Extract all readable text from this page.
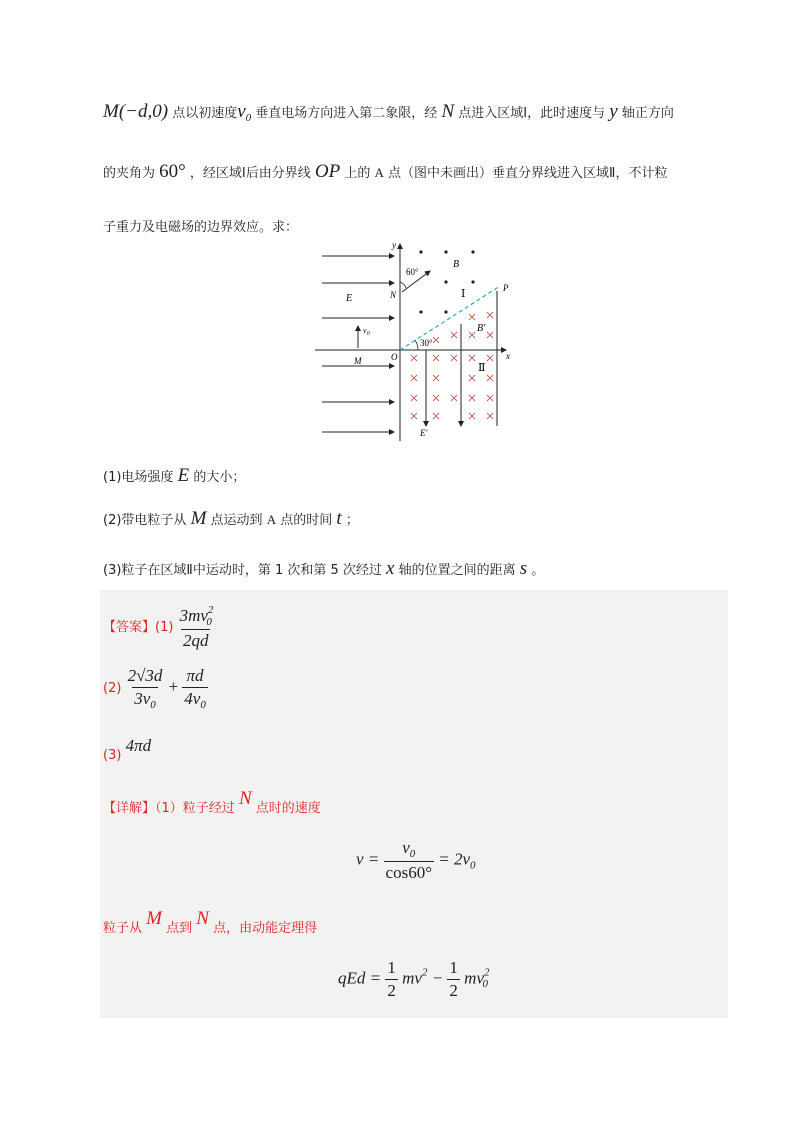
M(−d,0) 点以初速度$v_0$ 垂直电场方向进入第二象限，经 N 点进入区域Ⅰ，此时速度与 y 轴正方向
的夹角为 60° ，经区域Ⅰ后由分界线 OP 上的 A 点（图中未画出）垂直分界线进入区域Ⅱ，不计粒
子重力及电磁场的边界效应。求：
y
x
O
N
P
M
E
E′
B
B′
60°
30°
Ⅰ
Ⅱ
$v_0$
(1)电场强度 E 的大小；
(2)带电粒子从 M 点运动到 A 点的时间 t ；
(3)粒子在区域Ⅱ中运动时，第 1 次和第 5 次经过 x 轴的位置之间的距离 s 。
【答案】$(1) \frac{3mv^2_0}{2qd}$
$(2) \frac{2√3d}{3v_0} + \frac{\pi d}{4v_0}$
(3) 4πd
【详解】（1）粒子经过 N 点时的速度
$v = \frac{v_0}{\cos 60^\circ} = 2v_0$
粒子从 M 点到 N 点，由动能定理得
qEd = $\frac{1}{2} mv^2 - \frac{1}{2} mv^2_0$
